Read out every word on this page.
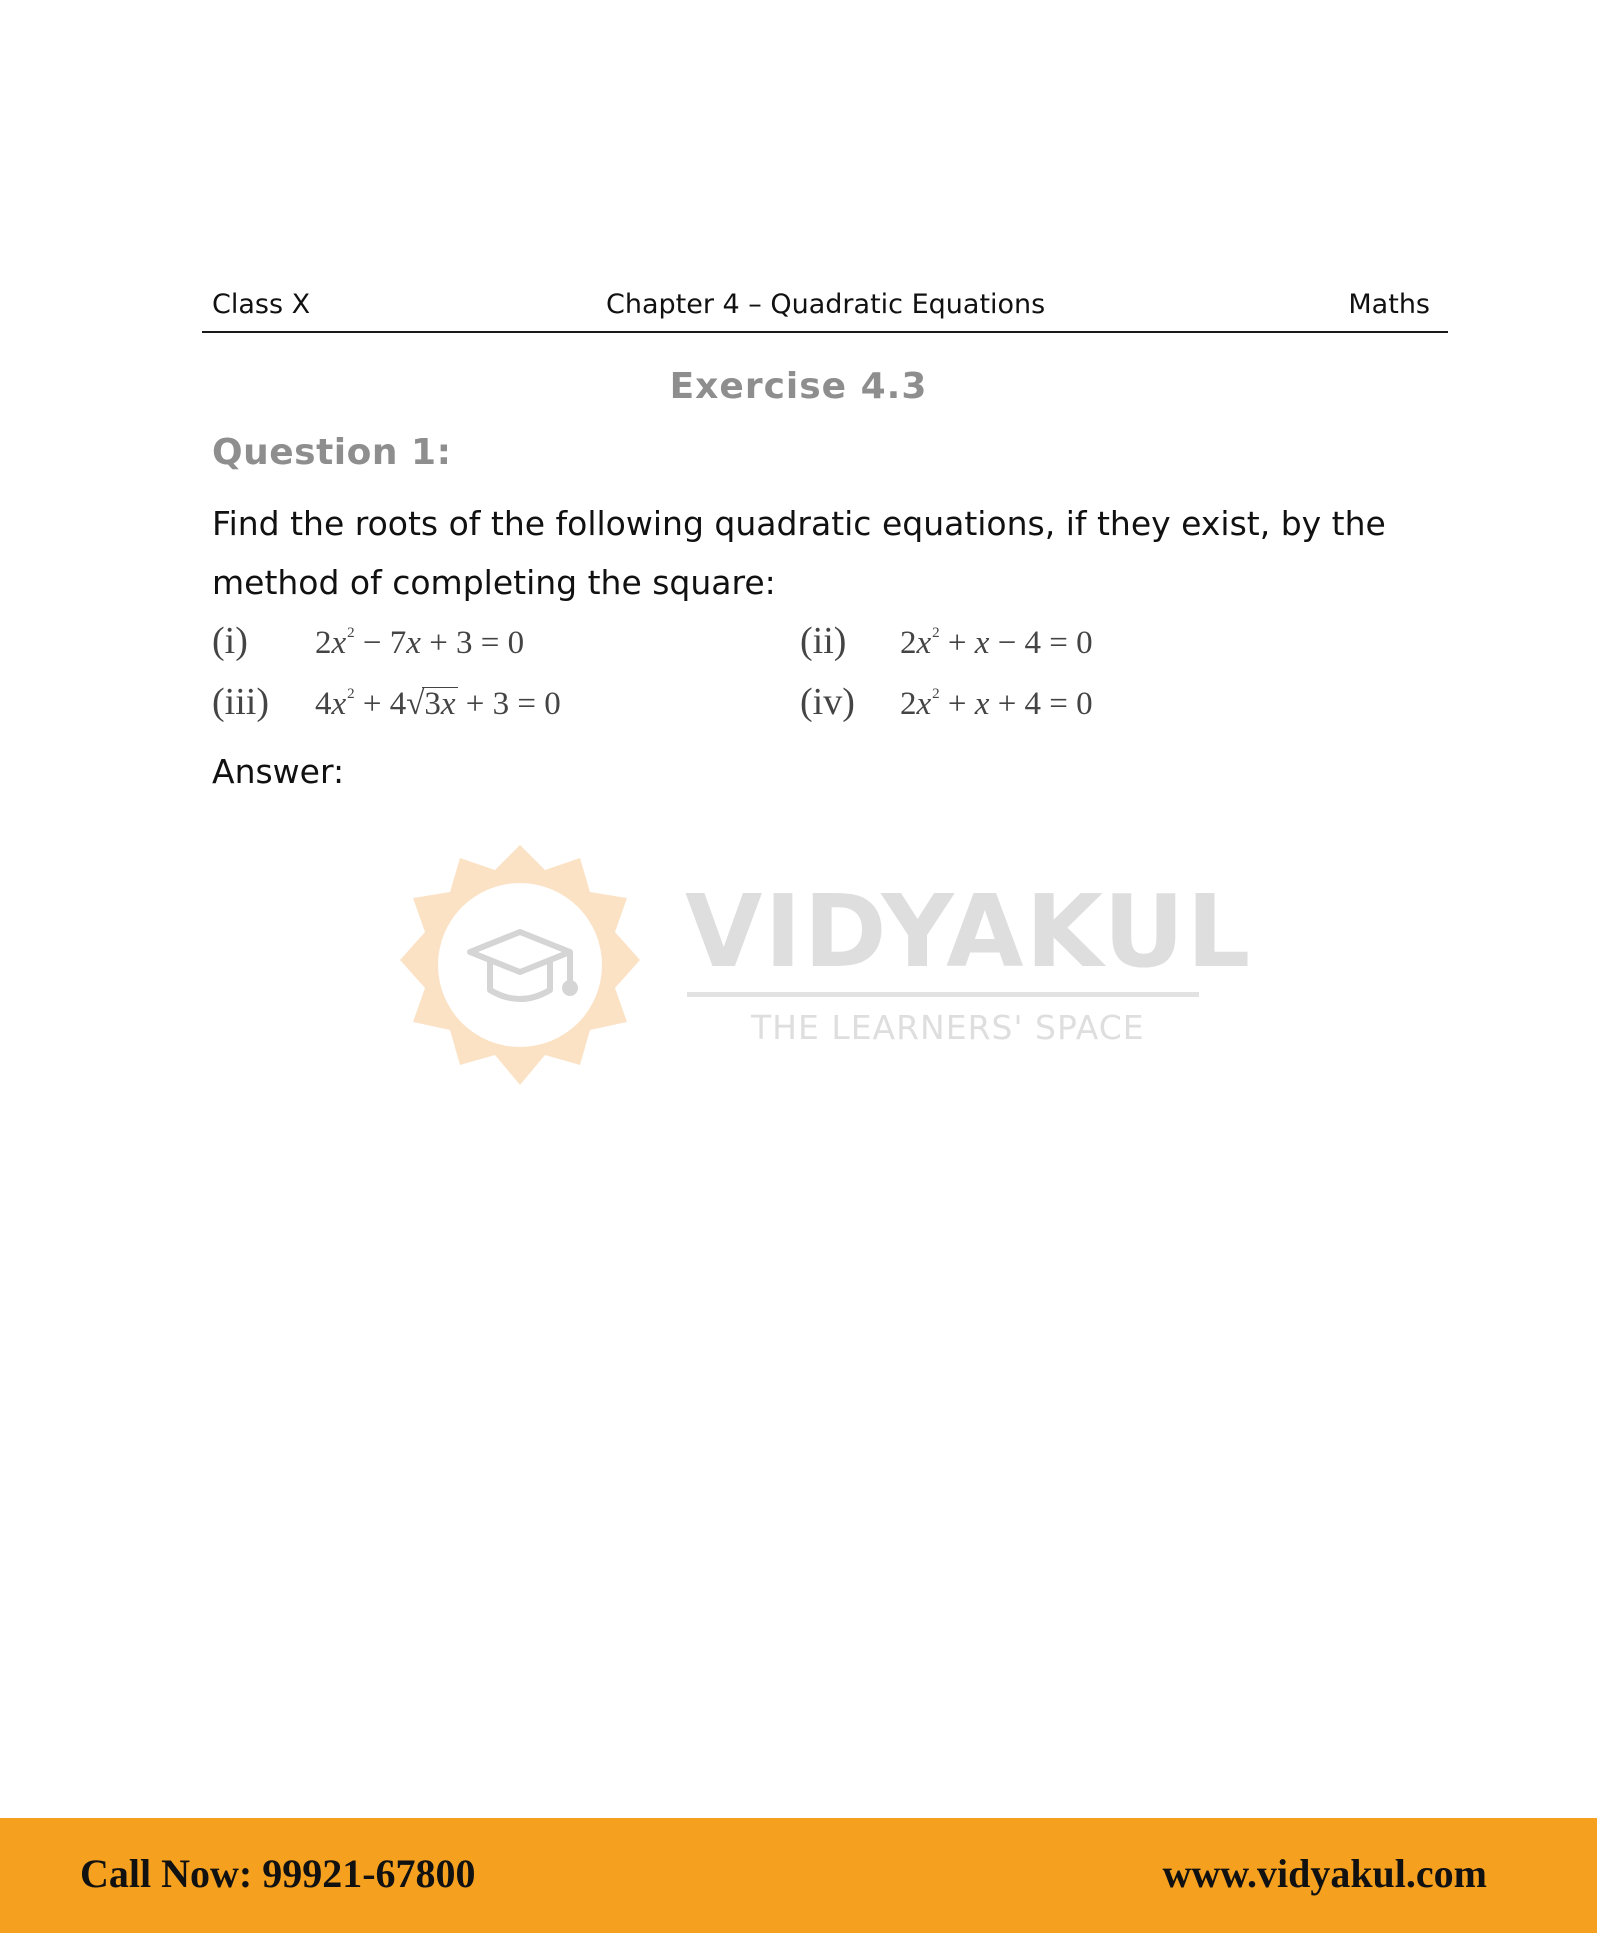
Class X	Chapter 4 – Quadratic Equations	Maths
Exercise 4.3
Question 1:
Find the roots of the following quadratic equations, if they exist, by the method of completing the square:
(i) $2x^2 - 7x + 3 = 0$	(ii) $2x^2 + x - 4 = 0$
(iii) $4x^2 + 4√3x + 3 = 0$	(iv) $2x^2 + x + 4 = 0$
Answer:
VIDYAKUL
THE LEARNERS' SPACE
Call Now: 99921-67800	www.vidyakul.com
